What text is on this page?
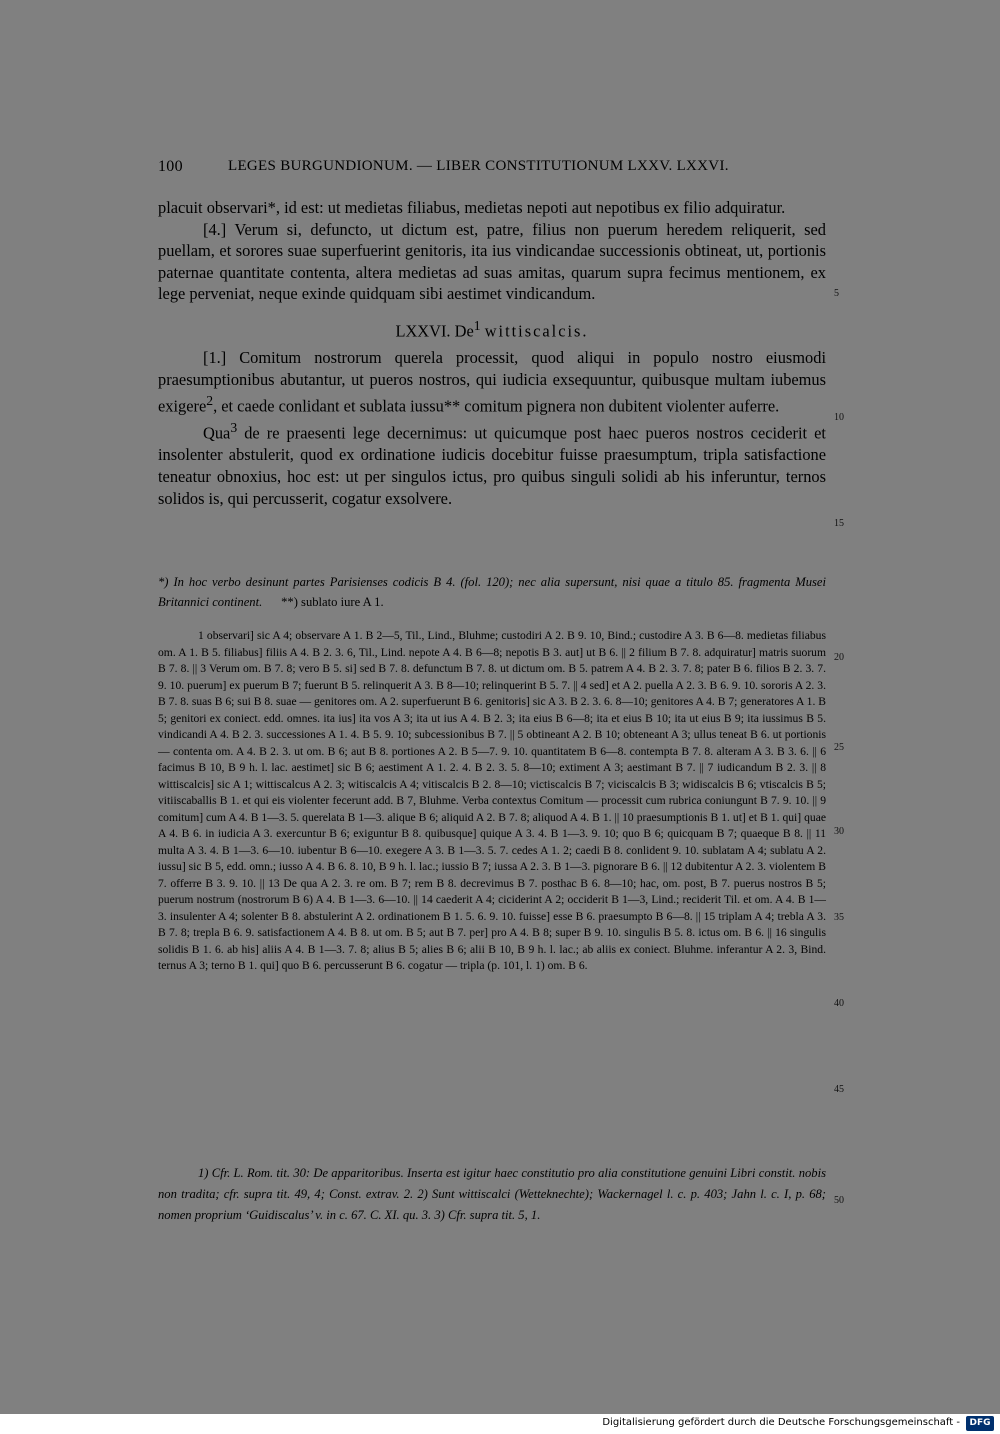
100	LEGES BURGUNDIONUM. — LIBER CONSTITUTIONUM LXXV. LXXVI.

placuit observari*, id est: ut medietas filiabus, medietas nepoti aut nepotibus ex filio adquiratur.

[4.] Verum si, defuncto, ut dictum est, patre, filius non puerum heredem reliquerit, sed puellam, et sorores suae superfuerint genitoris, ita ius vindicandae successionis obtineat, ut, portionis paternae quantitate contenta, altera medietas ad suas amitas, quarum supra fecimus mentionem, ex lege perveniat, neque exinde quidquam sibi aestimet vindicandum.

LXXVI. De$^1$ wittiscalcis.

[1.] Comitum nostrorum querela processit, quod aliqui in populo nostro eiusmodi praesumptionibus abutantur, ut pueros nostros, qui iudicia exsequuntur, quibusque multam iubemus exigere$^2$, et caede conlidant et sublata iussu** comitum pignera non dubitent violenter auferre.

Qua$^3$ de re praesenti lege decernimus: ut quicumque post haec pueros nostros ceciderit et insolenter abstulerit, quod ex ordinatione iudicis docebitur fuisse praesumptum, tripla satisfactione teneatur obnoxius, hoc est: ut per singulos ictus, pro quibus singuli solidi ab his inferuntur, ternos solidos is, qui percusserit, cogatur exsolvere.

*) In hoc verbo desinunt partes Parisienses codicis B 4. (fol. 120); nec alia supersunt, nisi quae a titulo 85. fragmenta Musei Britannici continent. **) sublato iure A 1.

1 observari] sic A 4; observare A 1. B 2—5, Til., Lind., Bluhme; custodiri A 2. B 9. 10, Bind.; custodire A 3. B 6—8. medietas filiabus om. A 1. B 5. filiabus] filiis A 4. B 2. 3. 6, Til., Lind. nepote A 4. B 6—8; nepotis B 3. aut] ut B 6. || 2 filium B 7. 8. adquiratur] matris suorum B 7. 8. || 3 Verum om. B 7. 8; vero B 5. si] sed B 7. 8. defunctum B 7. 8. ut dictum om. B 5. patrem A 4. B 2. 3. 7. 8; pater B 6. filios B 2. 3. 7. 9. 10. puerum] ex puerum B 7; fuerunt B 5. relinquerit A 3. B 8—10; relinquerint B 5. 7. || 4 sed] et A 2. puella A 2. 3. B 6. 9. 10. sororis A 2. 3. B 7. 8. suas B 6; sui B 8. suae — genitores om. A 2. superfuerunt B 6. genitoris] sic A 3. B 2. 3. 6. 8—10; genitores A 4. B 7; generatores A 1. B 5; genitori ex coniect. edd. omnes. ita ius] ita vos A 3; ita ut ius A 4. B 2. 3; ita eius B 6—8; ita et eius B 10; ita ut eius B 9; ita iussimus B 5. vindicandi A 4. B 2. 3. successiones A 1. 4. B 5. 9. 10; subcessionibus B 7. || 5 obtineant A 2. B 10; obteneant A 3; ullus teneat B 6. ut portionis — contenta om. A 4. B 2. 3. ut om. B 6; aut B 8. portiones A 2. B 5—7. 9. 10. quantitatem B 6—8. contempta B 7. 8. alteram A 3. B 3. 6. || 6 facimus B 10, B 9 h. l. lac. aestimet] sic B 6; aestiment A 1. 2. 4. B 2. 3. 5. 8—10; extiment A 3; aestimant B 7. || 7 iudicandum B 2. 3. || 8 wittiscalcis] sic A 1; wittiscalcus A 2. 3; witiscalcis A 4; vitiscalcis B 2. 8—10; victiscalcis B 7; viciscalcis B 3; widiscalcis B 6; vtiscalcis B 5; vitiiscaballis B 1. et qui eis violenter fecerunt add. B 7, Bluhme. Verba contextus Comitum — processit cum rubrica coniungunt B 7. 9. 10. || 9 comitum] cum A 4. B 1—3. 5. querelata B 1—3. alique B 6; aliquid A 2. B 7. 8; aliquod A 4. B 1. || 10 praesumptionis B 1. ut] et B 1. qui] quae A 4. B 6. in iudicia A 3. exercuntur B 6; exiguntur B 8. quibusque] quique A 3. 4. B 1—3. 9. 10; quo B 6; quicquam B 7; quaeque B 8. || 11 multa A 3. 4. B 1—3. 6—10. iubentur B 6—10. exegere A 3. B 1—3. 5. 7. cedes A 1. 2; caedi B 8. conlident 9. 10. sublatam A 4; sublatu A 2. iussu] sic B 5, edd. omn.; iusso A 4. B 6. 8. 10, B 9 h. l. lac.; iussio B 7; iussa A 2. 3. B 1—3. pignorare B 6. || 12 dubitentur A 2. 3. violentem B 7. offerre B 3. 9. 10. || 13 De qua A 2. 3. re om. B 7; rem B 8. decrevimus B 7. posthac B 6. 8—10; hac, om. post, B 7. puerus nostros B 5; puerum nostrum (nostrorum B 6) A 4. B 1—3. 6—10. || 14 caederit A 4; ciciderint A 2; occiderit B 1—3, Lind.; reciderit Til. et om. A 4. B 1—3. insulenter A 4; solenter B 8. abstulerint A 2. ordinationem B 1. 5. 6. 9. 10. fuisse] esse B 6. praesumpto B 6—8. || 15 triplam A 4; trebla A 3. B 7. 8; trepla B 6. 9. satisfactionem A 4. B 8. ut om. B 5; aut B 7. per] pro A 4. B 8; super B 9. 10. singulis B 5. 8. ictus om. B 6. || 16 singulis solidis B 1. 6. ab his] aliis A 4. B 1—3. 7. 8; alius B 5; alies B 6; alii B 10, B 9 h. l. lac.; ab aliis ex coniect. Bluhme. inferantur A 2. 3, Bind. ternus A 3; terno B 1. qui] quo B 6. percusserunt B 6. cogatur — tripla (p. 101, l. 1) om. B 6.

1) Cfr. L. Rom. tit. 30: De apparitoribus. Inserta est igitur haec constitutio pro alia constitutione genuini Libri constit. nobis non tradita; cfr. supra tit. 49, 4; Const. extrav. 2. 2) Sunt wittiscalci (Wetteknechte); Wackernagel l. c. p. 403; Jahn l. c. I, p. 68; nomen proprium ‘Guidiscalus’ v. in c. 67. C. XI. qu. 3. 3) Cfr. supra tit. 5, 1.

5
10
15
20
25
30
35
40
45
50
Digitalisierung gefördert durch die Deutsche Forschungsgemeinschaft -	DFG
